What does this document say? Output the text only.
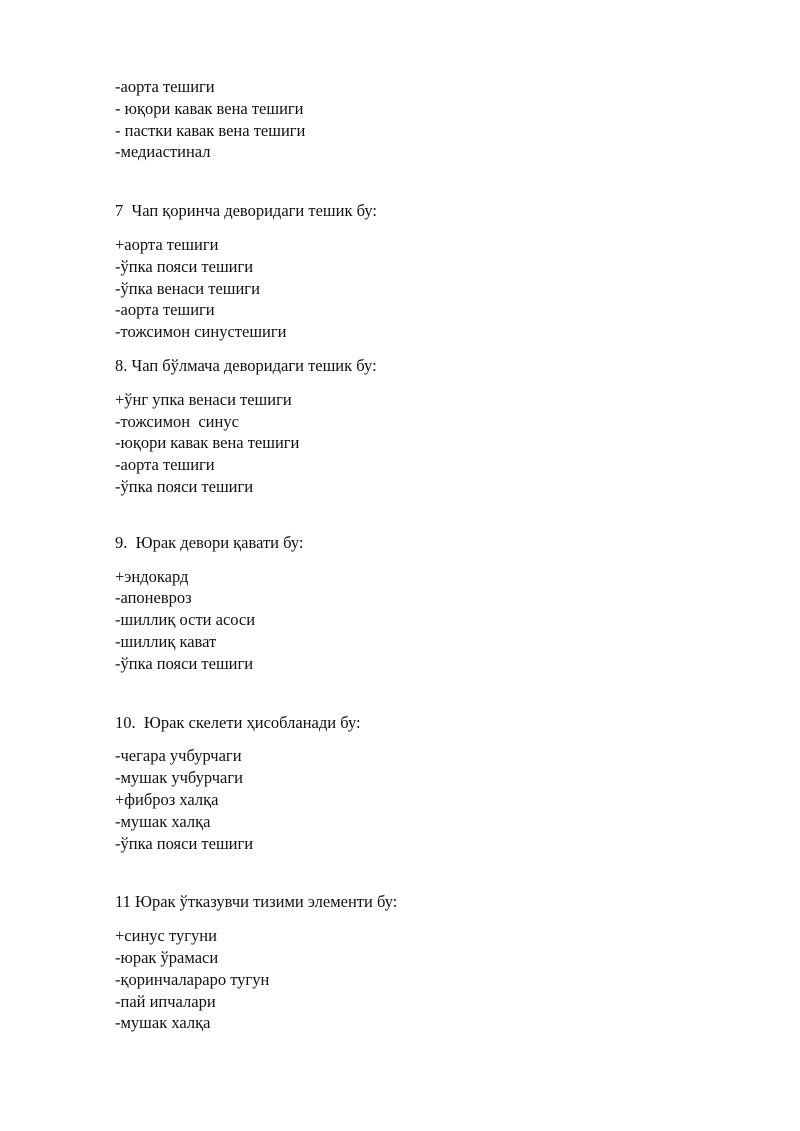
-аорта тешиги
- юқори кавак вена тешиги
- пастки кавак вена тешиги
-медиастинал
7  Чап қоринча деворидаги тешик бу:
+аорта тешиги
-ўпка пояси тешиги
-ўпка венаси тешиги
-аорта тешиги
-тожсимон синустешиги
8. Чап бўлмача деворидаги тешик бу:
+ўнг упка венаси тешиги
-тожсимон  синус
-юқори кавак вена тешиги
-аорта тешиги
-ўпка пояси тешиги
9.  Юрак девори қавати бу:
+эндокард
-апоневроз
-шиллиқ ости асоси
-шиллиқ кават
-ўпка пояси тешиги
10.  Юрак скелети ҳисобланади бу:
-чегара учбурчаги
-мушак учбурчаги
+фиброз халқа
-мушак халқа
-ўпка пояси тешиги
11 Юрак ўтказувчи тизими элементи бу:
+синус тугуни
-юрак ўрамаси
-қоринчалараро тугун
-пай ипчалари
-мушак халқа
